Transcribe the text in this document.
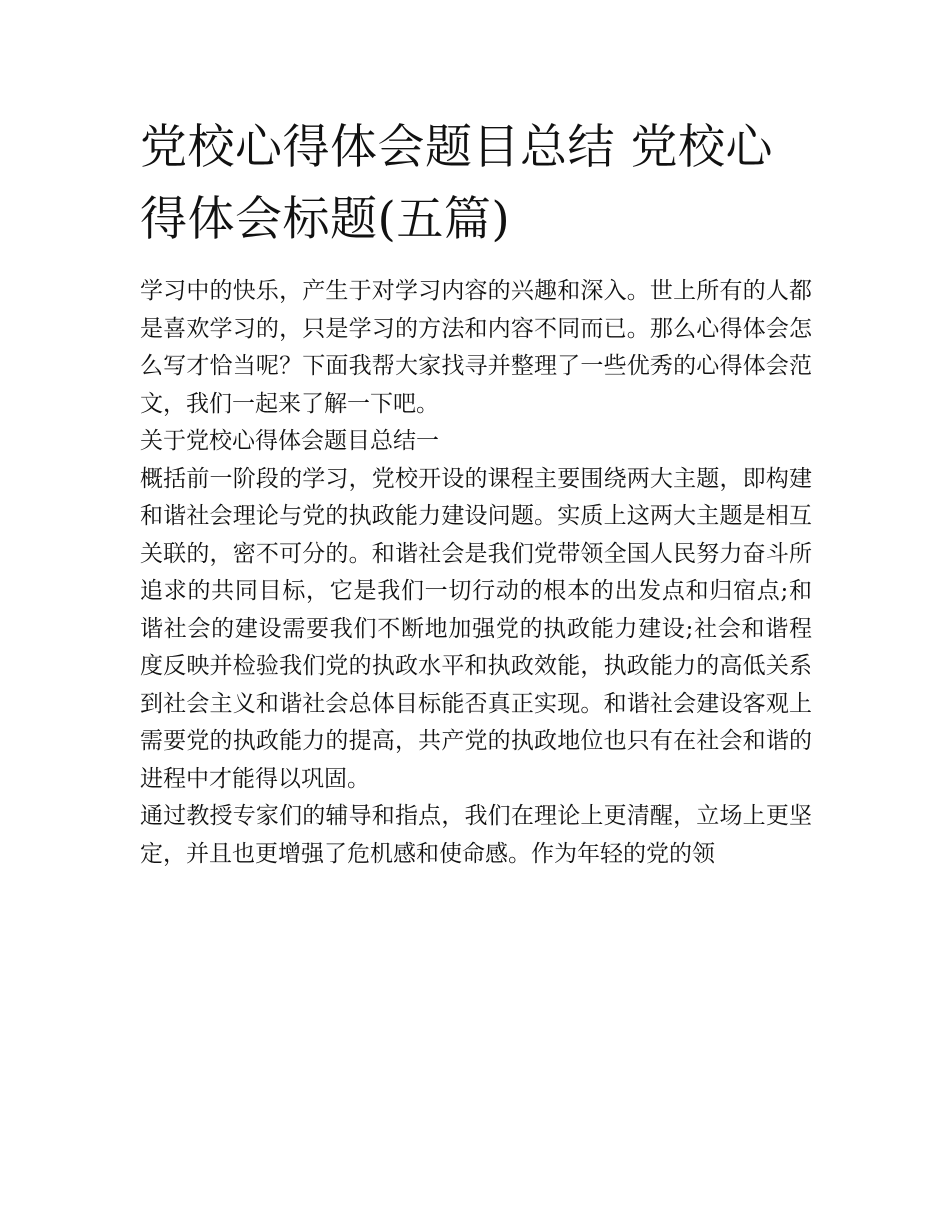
党校心得体会题目总结 党校心得体会标题(五篇)

学习中的快乐，产生于对学习内容的兴趣和深入。世上所有的人都是喜欢学习的，只是学习的方法和内容不同而已。那么心得体会怎么写才恰当呢？下面我帮大家找寻并整理了一些优秀的心得体会范文，我们一起来了解一下吧。

关于党校心得体会题目总结一

概括前一阶段的学习，党校开设的课程主要围绕两大主题，即构建和谐社会理论与党的执政能力建设问题。实质上这两大主题是相互关联的，密不可分的。和谐社会是我们党带领全国人民努力奋斗所追求的共同目标，它是我们一切行动的根本的出发点和归宿点;和谐社会的建设需要我们不断地加强党的执政能力建设;社会和谐程度反映并检验我们党的执政水平和执政效能，执政能力的高低关系到社会主义和谐社会总体目标能否真正实现。和谐社会建设客观上需要党的执政能力的提高，共产党的执政地位也只有在社会和谐的进程中才能得以巩固。

通过教授专家们的辅导和指点，我们在理论上更清醒，立场上更坚定，并且也更增强了危机感和使命感。作为年轻的党的领
